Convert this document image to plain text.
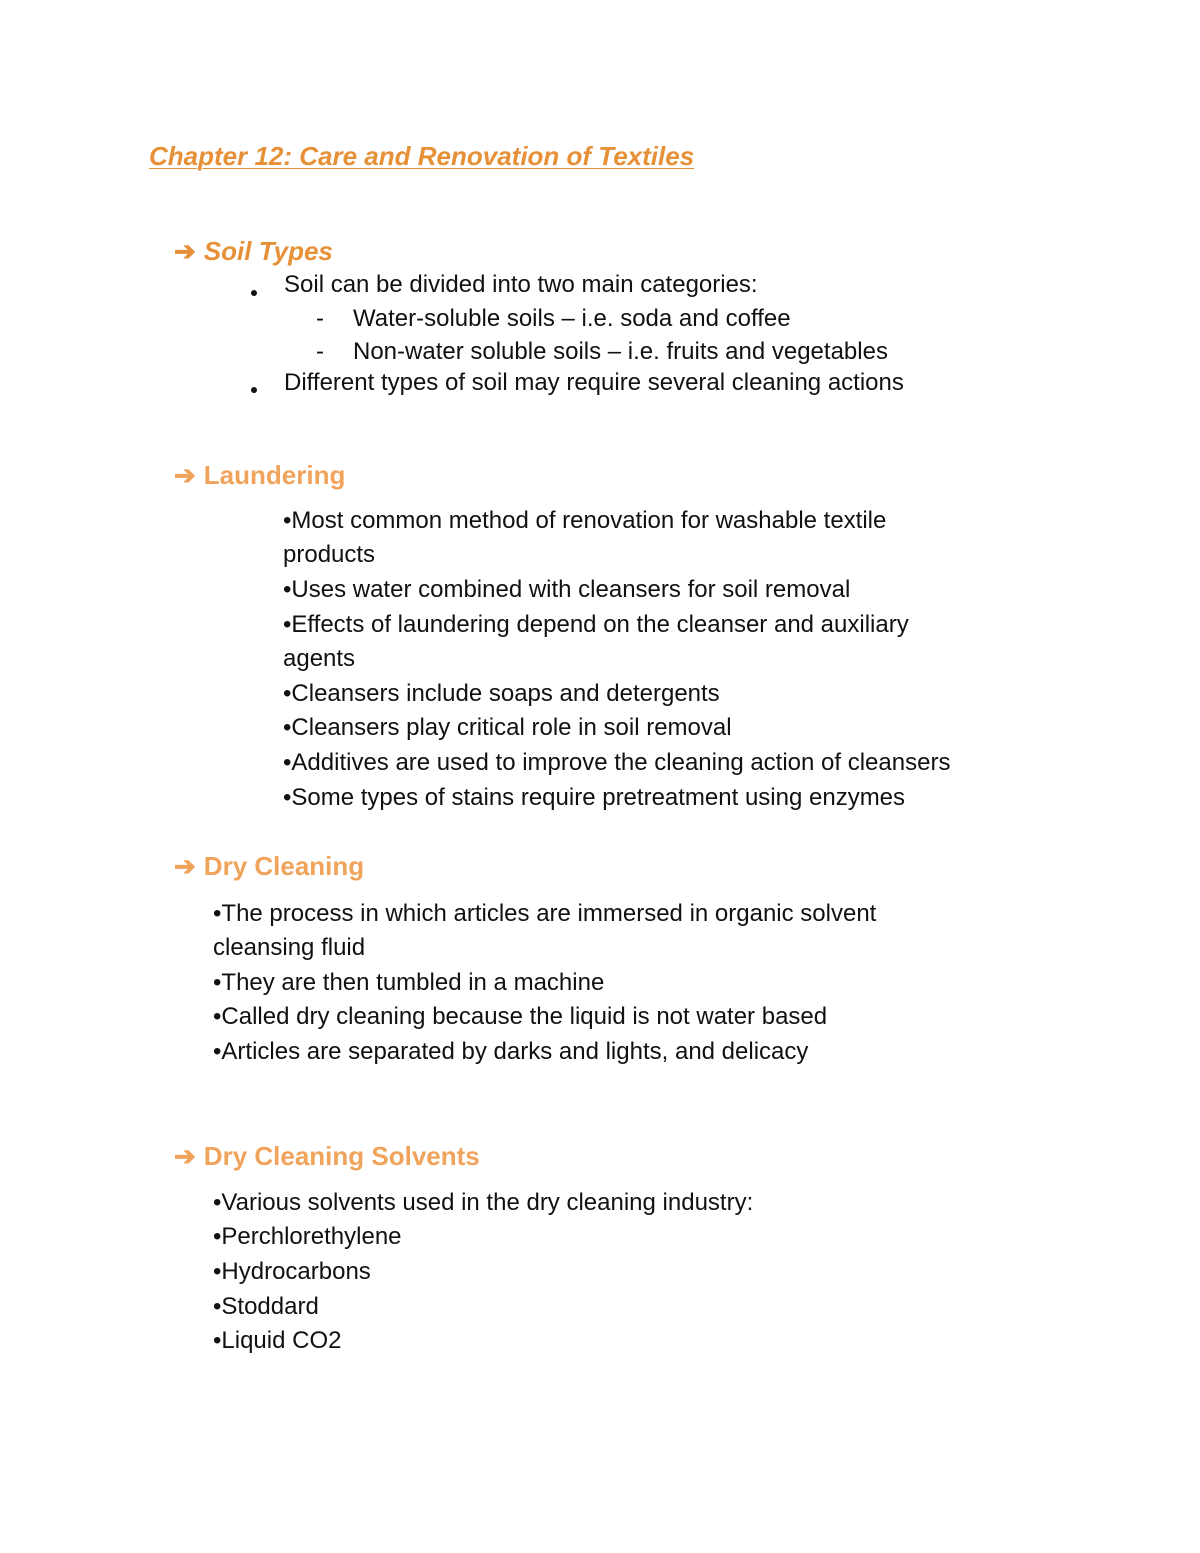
Chapter 12: Care and Renovation of Textiles
➔ Soil Types
Soil can be divided into two main categories:
- Water-soluble soils – i.e. soda and coffee
- Non-water soluble soils – i.e. fruits and vegetables
Different types of soil may require several cleaning actions
➔ Laundering
•Most common method of renovation for washable textile
products
•Uses water combined with cleansers for soil removal
•Effects of laundering depend on the cleanser and auxiliary
agents
•Cleansers include soaps and detergents
•Cleansers play critical role in soil removal
•Additives are used to improve the cleaning action of cleansers
•Some types of stains require pretreatment using enzymes
➔ Dry Cleaning
•The process in which articles are immersed in organic solvent
cleansing fluid
•They are then tumbled in a machine
•Called dry cleaning because the liquid is not water based
•Articles are separated by darks and lights, and delicacy
➔ Dry Cleaning Solvents
•Various solvents used in the dry cleaning industry:
•Perchlorethylene
•Hydrocarbons
•Stoddard
•Liquid CO2
